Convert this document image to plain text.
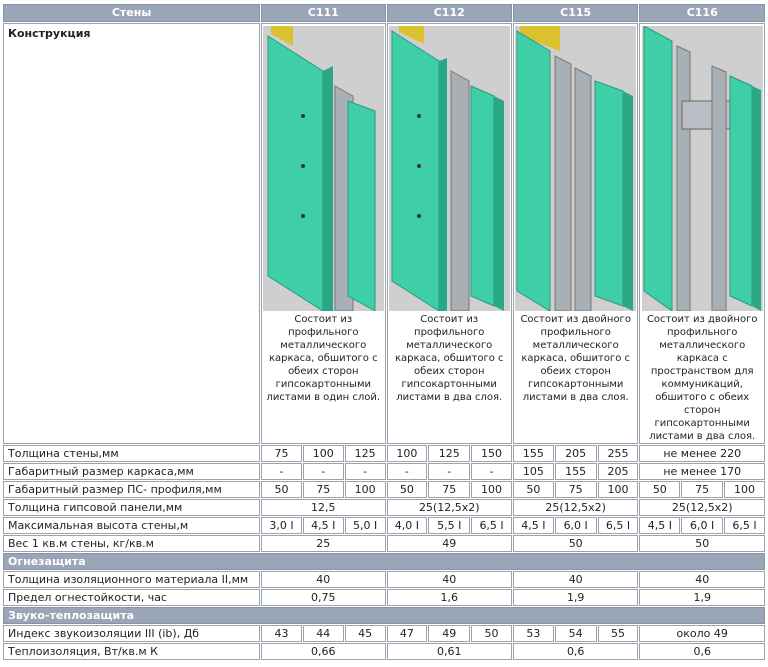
Стены	С111			С112			С115			С116		
Конструкция	Состоит из профильного металлического каркаса, обшитого с обеих сторон гипсокартонными листами в один слой.			Состоит из профильного металлического каркаса, обшитого с обеих сторон гипсокартонными листами в два слоя.			Состоит из двойного профильного металлического каркаса, обшитого с обеих сторон гипсокартонными листами в два слоя.			Состоит из двойного профильного металлического каркаса с пространством для коммуникаций, обшитого с обеих сторон гипсокартонными листами в два слоя.		

Толщина стены,мм	75	100	125	100	125	150	155	205	255	не менее 220		
Габаритный размер каркаса,мм	-	-	-	-	-	-	105	155	205	не менее 170		
Габаритный размер ПС- профиля,мм	50	75	100	50	75	100	50	75	100	50	75	100
Толщина гипсовой панели,мм	12,5			25(12,5x2)			25(12,5x2)			25(12,5x2)		
Максимальная высота стены,м	3,0 I	4,5 I	5,0 I	4,0 I	5,5 I	6,5 I	4,5 I	6,0 I	6,5 I	4,5 I	6,0 I	6,5 I
Вес 1 кв.м стены, кг/кв.м	25			49			50			50		
Огнезащита												
Толщина изоляционного материала II,мм	40			40			40			40		
Предел огнестойкости, час	0,75			1,6			1,9			1,9		
Звуко-теплозащита												
Индекс звукоизоляции III (ib), Дб	43	44	45	47	49	50	53	54	55	около 49		
Теплоизоляция, Вт/кв.м К	0,66			0,61			0,6			0,6		
